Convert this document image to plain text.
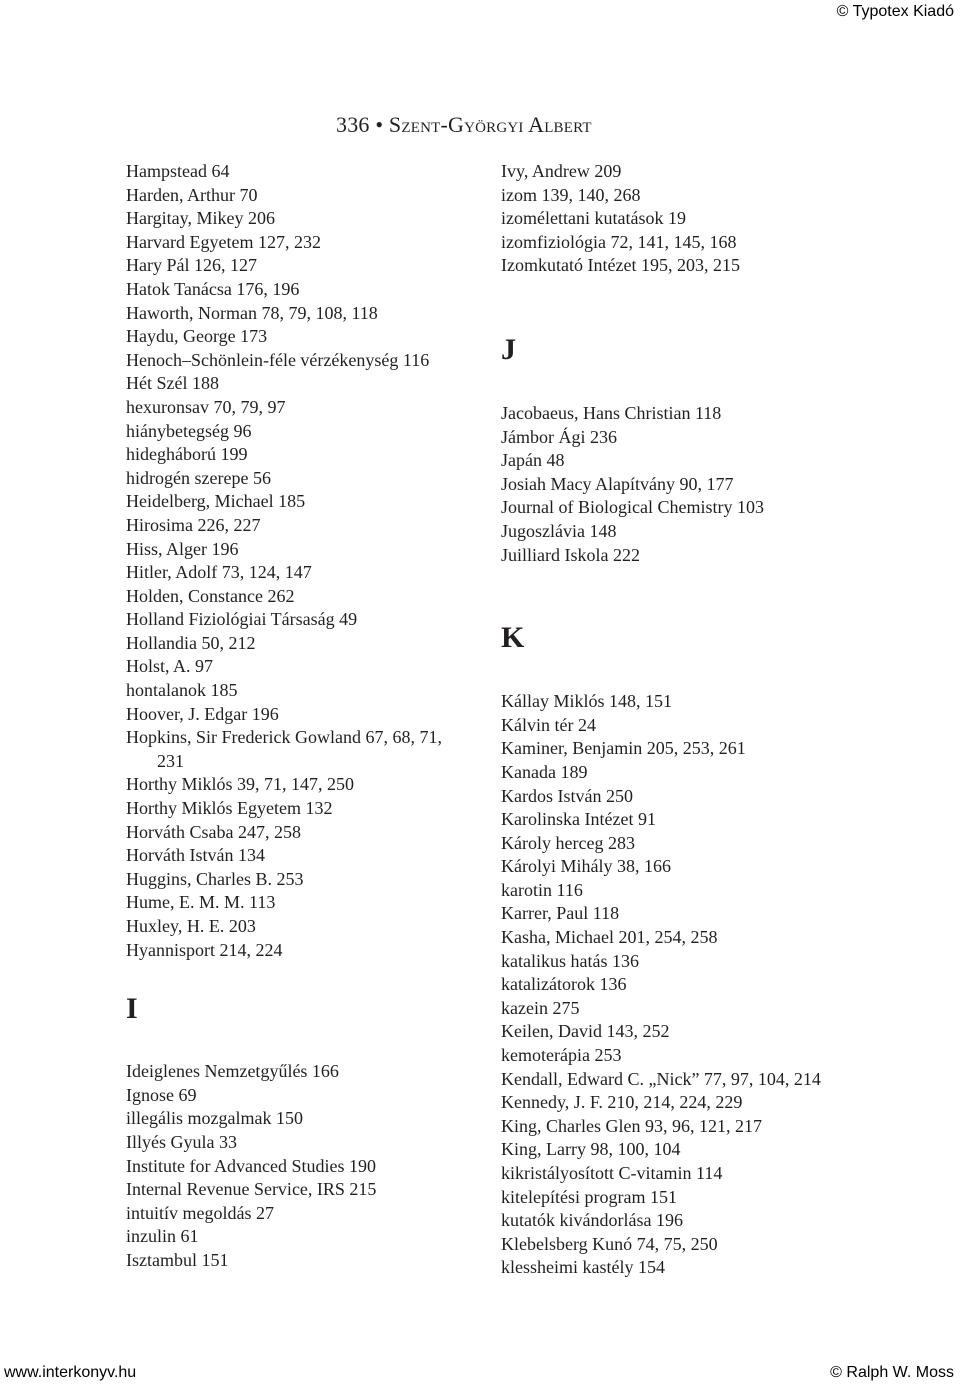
© Typotex Kiadó
336 • Szent-Györgyi Albert
Hampstead 64
Harden, Arthur 70
Hargitay, Mikey 206
Harvard Egyetem 127, 232
Hary Pál 126, 127
Hatok Tanácsa 176, 196
Haworth, Norman 78, 79, 108, 118
Haydu, George 173
Henoch–Schönlein-féle vérzékenység 116
Hét Szél 188
hexuronsav 70, 79, 97
hiánybetegség 96
hidegháború 199
hidrogén szerepe 56
Heidelberg, Michael 185
Hirosima 226, 227
Hiss, Alger 196
Hitler, Adolf 73, 124, 147
Holden, Constance 262
Holland Fiziológiai Társaság 49
Hollandia 50, 212
Holst, A. 97
hontalanok 185
Hoover, J. Edgar 196
Hopkins, Sir Frederick Gowland 67, 68, 71, 231
Horthy Miklós 39, 71, 147, 250
Horthy Miklós Egyetem 132
Horváth Csaba 247, 258
Horváth István 134
Huggins, Charles B. 253
Hume, E. M. M. 113
Huxley, H. E. 203
Hyannisport 214, 224
I
Ideiglenes Nemzetgyűlés 166
Ignose 69
illegális mozgalmak 150
Illyés Gyula 33
Institute for Advanced Studies 190
Internal Revenue Service, IRS 215
intuitív megoldás 27
inzulin 61
Isztambul 151
Ivy, Andrew 209
izom 139, 140, 268
izomélettani kutatások 19
izomfiziológia 72, 141, 145, 168
Izomkutató Intézet 195, 203, 215
J
Jacobaeus, Hans Christian 118
Jámbor Ági 236
Japán 48
Josiah Macy Alapítvány 90, 177
Journal of Biological Chemistry 103
Jugoszlávia 148
Juilliard Iskola 222
K
Kállay Miklós 148, 151
Kálvin tér 24
Kaminer, Benjamin 205, 253, 261
Kanada 189
Kardos István 250
Karolinska Intézet 91
Károly herceg 283
Károlyi Mihály 38, 166
karotin 116
Karrer, Paul 118
Kasha, Michael 201, 254, 258
katalikus hatás 136
katalizátorok 136
kazein 275
Keilen, David 143, 252
kemoterápia 253
Kendall, Edward C. „Nick” 77, 97, 104, 214
Kennedy, J. F. 210, 214, 224, 229
King, Charles Glen 93, 96, 121, 217
King, Larry 98, 100, 104
kikristályosított C-vitamin 114
kitelepítési program 151
kutatók kivándorlása 196
Klebelsberg Kunó 74, 75, 250
klessheimi kastély 154
www.interkonyv.hu	© Ralph W. Moss
